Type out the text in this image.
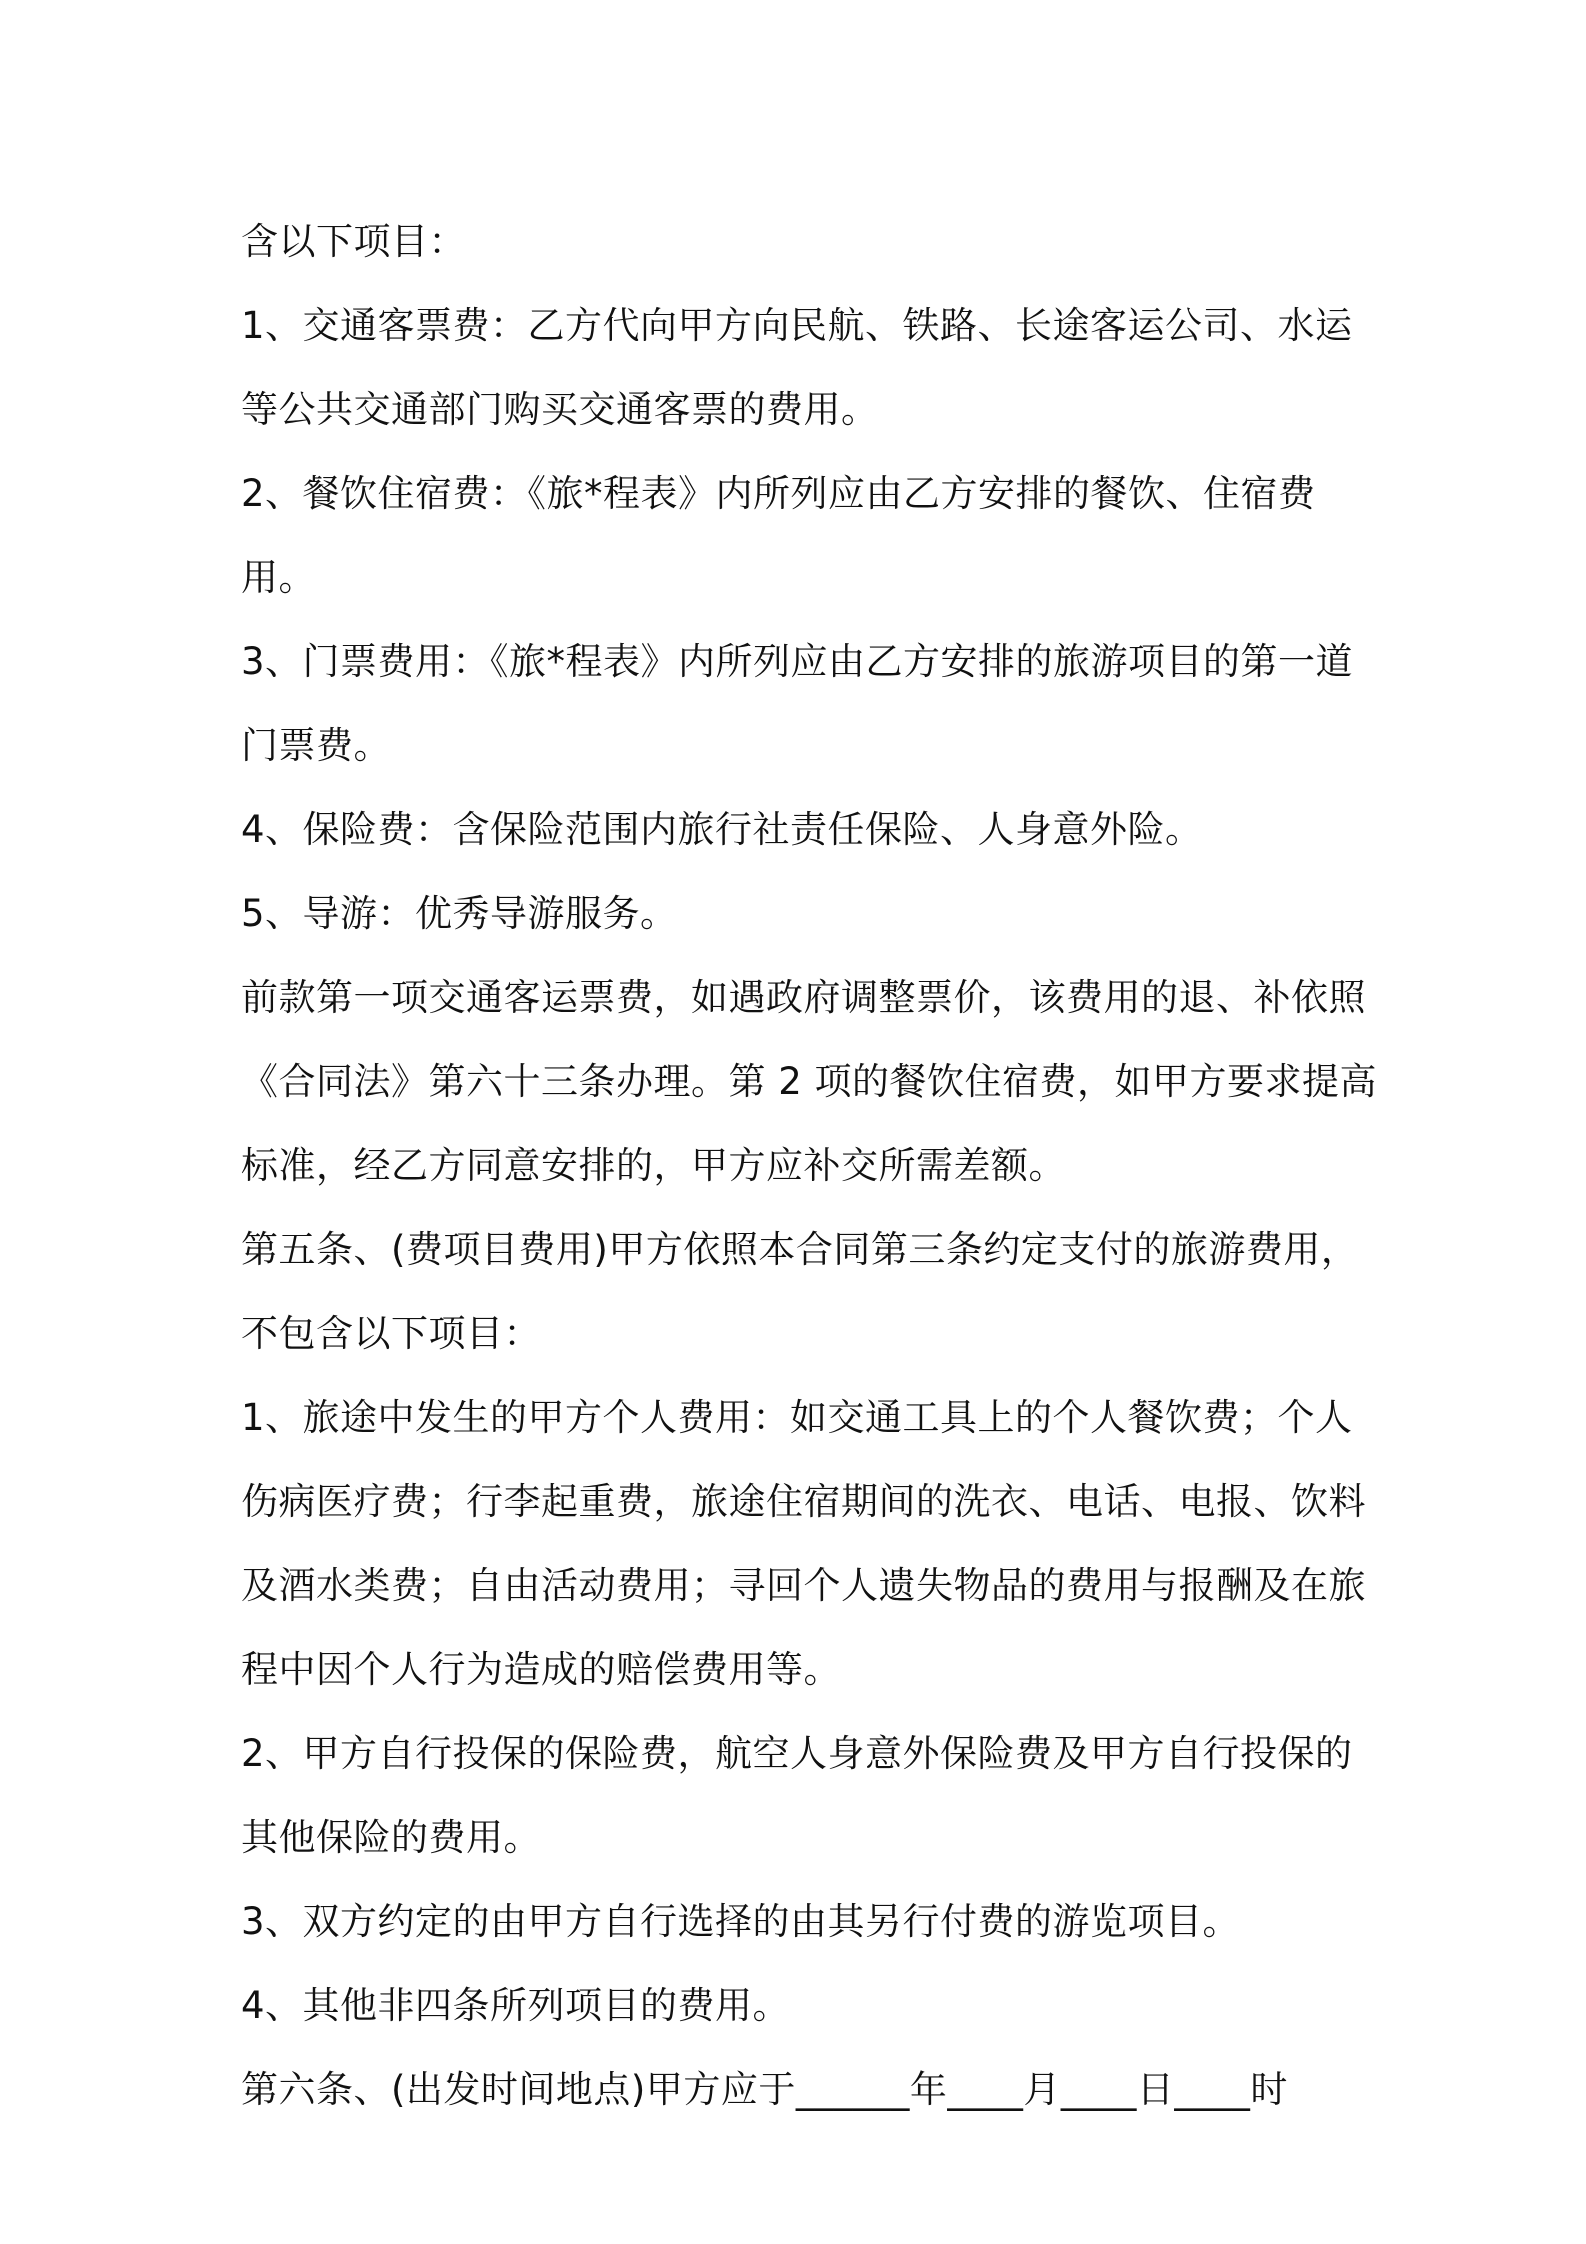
含以下项目：

1、交通客票费：乙方代向甲方向民航、铁路、长途客运公司、水运

等公共交通部门购买交通客票的费用。

2、餐饮住宿费：《旅*程表》内所列应由乙方安排的餐饮、住宿费用。

3、门票费用：《旅*程表》内所列应由乙方安排的旅游项目的第一道

门票费。

4、保险费：含保险范围内旅行社责任保险、人身意外险。

5、导游：优秀导游服务。

前款第一项交通客运票费，如遇政府调整票价，该费用的退、补依照

《合同法》第六十三条办理。第 2 项的餐饮住宿费，如甲方要求提高

标准，经乙方同意安排的，甲方应补交所需差额。

第五条、(费项目费用)甲方依照本合同第三条约定支付的旅游费用，

不包含以下项目：

1、旅途中发生的甲方个人费用：如交通工具上的个人餐饮费；个人

伤病医疗费；行李起重费，旅途住宿期间的洗衣、电话、电报、饮料

及酒水类费；自由活动费用；寻回个人遗失物品的费用与报酬及在旅

程中因个人行为造成的赔偿费用等。

2、甲方自行投保的保险费，航空人身意外保险费及甲方自行投保的

其他保险的费用。

3、双方约定的由甲方自行选择的由其另行付费的游览项目。

4、其他非四条所列项目的费用。

第六条、(出发时间地点)甲方应于______年____月____日____时
